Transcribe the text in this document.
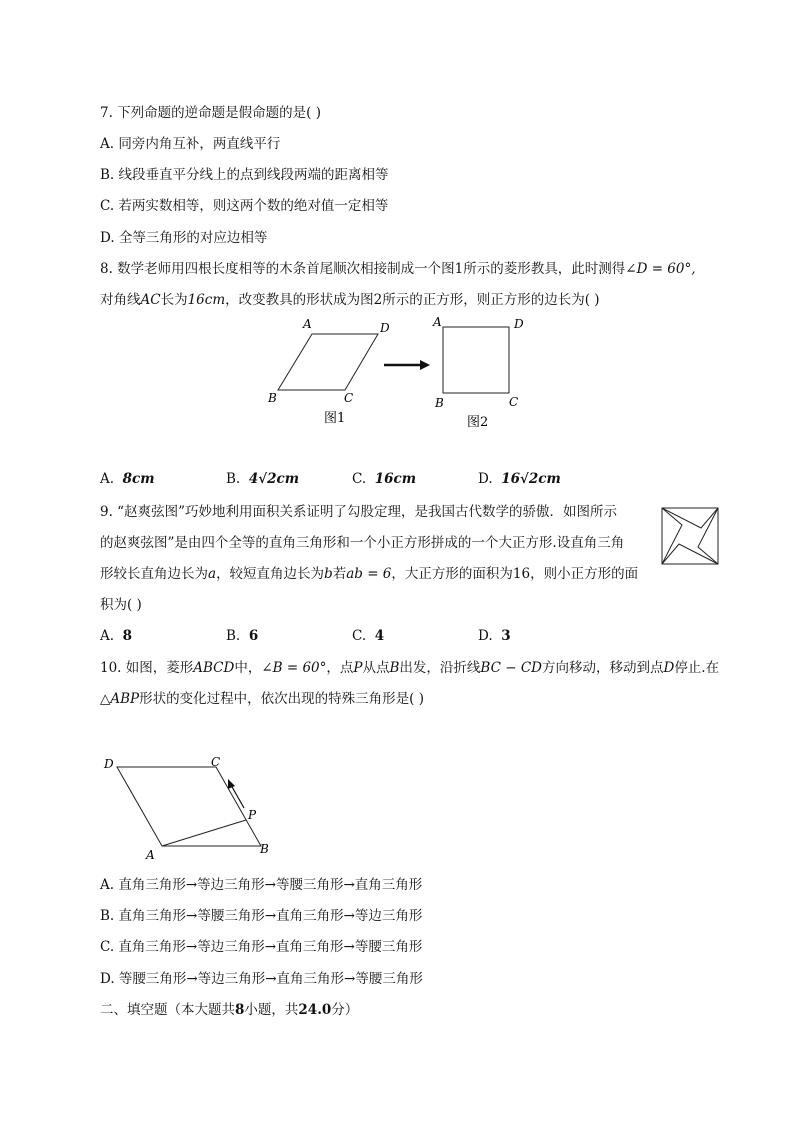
7. 下列命题的逆命题是假命题的是( )
A. 同旁内角互补，两直线平行
B. 线段垂直平分线上的点到线段两端的距离相等
C. 若两实数相等，则这两个数的绝对值一定相等
D. 全等三角形的对应边相等
8. 数学老师用四根长度相等的木条首尾顺次相接制成一个图1所示的菱形教具，此时测得∠D = 60°,
对角线AC长为16cm，改变教具的形状成为图2所示的正方形，则正方形的边长为( )
A	D
B	C
图1
A	D
B	C
图2
A. 8cm	B. 4√2cm	C. 16cm	D. 16√2cm
9. “赵爽弦图”巧妙地利用面积关系证明了勾股定理，是我国古代数学的骄傲．如图所示
的赵爽弦图”是由四个全等的直角三角形和一个小正方形拼成的一个大正方形.设直角三角
形较长直角边长为a，较短直角边长为b若ab = 6，大正方形的面积为16，则小正方形的面
积为( )
A. 8	B. 6	C. 4	D. 3
10. 如图，菱形ABCD中，∠B = 60°，点P从点B出发，沿折线BC − CD方向移动，移动到点D停止.在
△ABP形状的变化过程中，依次出现的特殊三角形是( )
D	C
P
A	B
A. 直角三角形→等边三角形→等腰三角形→直角三角形
B. 直角三角形→等腰三角形→直角三角形→等边三角形
C. 直角三角形→等边三角形→直角三角形→等腰三角形
D. 等腰三角形→等边三角形→直角三角形→等腰三角形
二、填空题（本大题共8小题，共24.0分）
